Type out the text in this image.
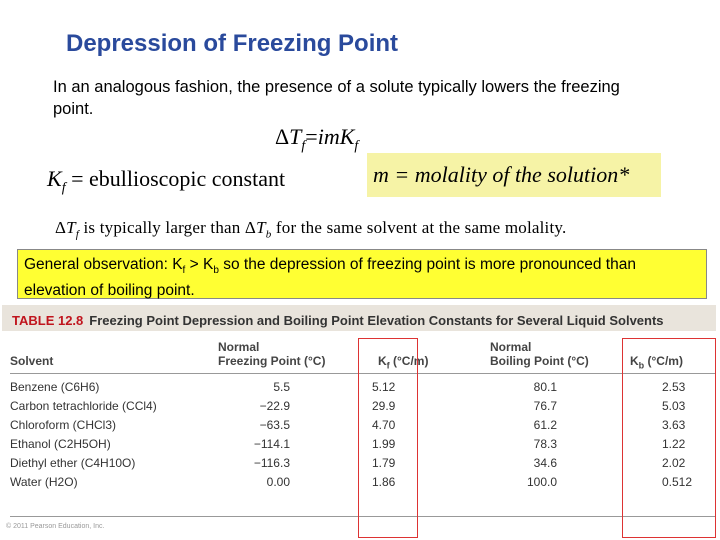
Depression of Freezing Point
In an analogous fashion, the presence of a solute typically lowers the freezing point.
$\Delta T_f=imK_f$
$K_f$ = ebullioscopic constant	m = molality of the solution*
$\Delta T_f$ is typically larger than $\Delta T_b$ for the same solvent at the same molality.
General observation: $K_f > K_b$ so the depression of freezing point is more pronounced than elevation of boiling point.
TABLE 12.8 Freezing Point Depression and Boiling Point Elevation Constants for Several Liquid Solvents
Solvent
Normal
Freezing Point (°C)	$K_f$ (°C/m)
Normal
Boiling Point (°C)	$K_b$ (°C/m)
Benzene (C6H6)	5.5	5.12	80.1	2.53
Carbon tetrachloride (CCl4)	−22.9	29.9	76.7	5.03
Chloroform (CHCl3)	−63.5	4.70	61.2	3.63
Ethanol (C2H5OH)	−114.1	1.99	78.3	1.22
Diethyl ether (C4H10O)	−116.3	1.79	34.6	2.02
Water (H2O)	0.00	1.86	100.0	0.512
© 2011 Pearson Education, Inc.
